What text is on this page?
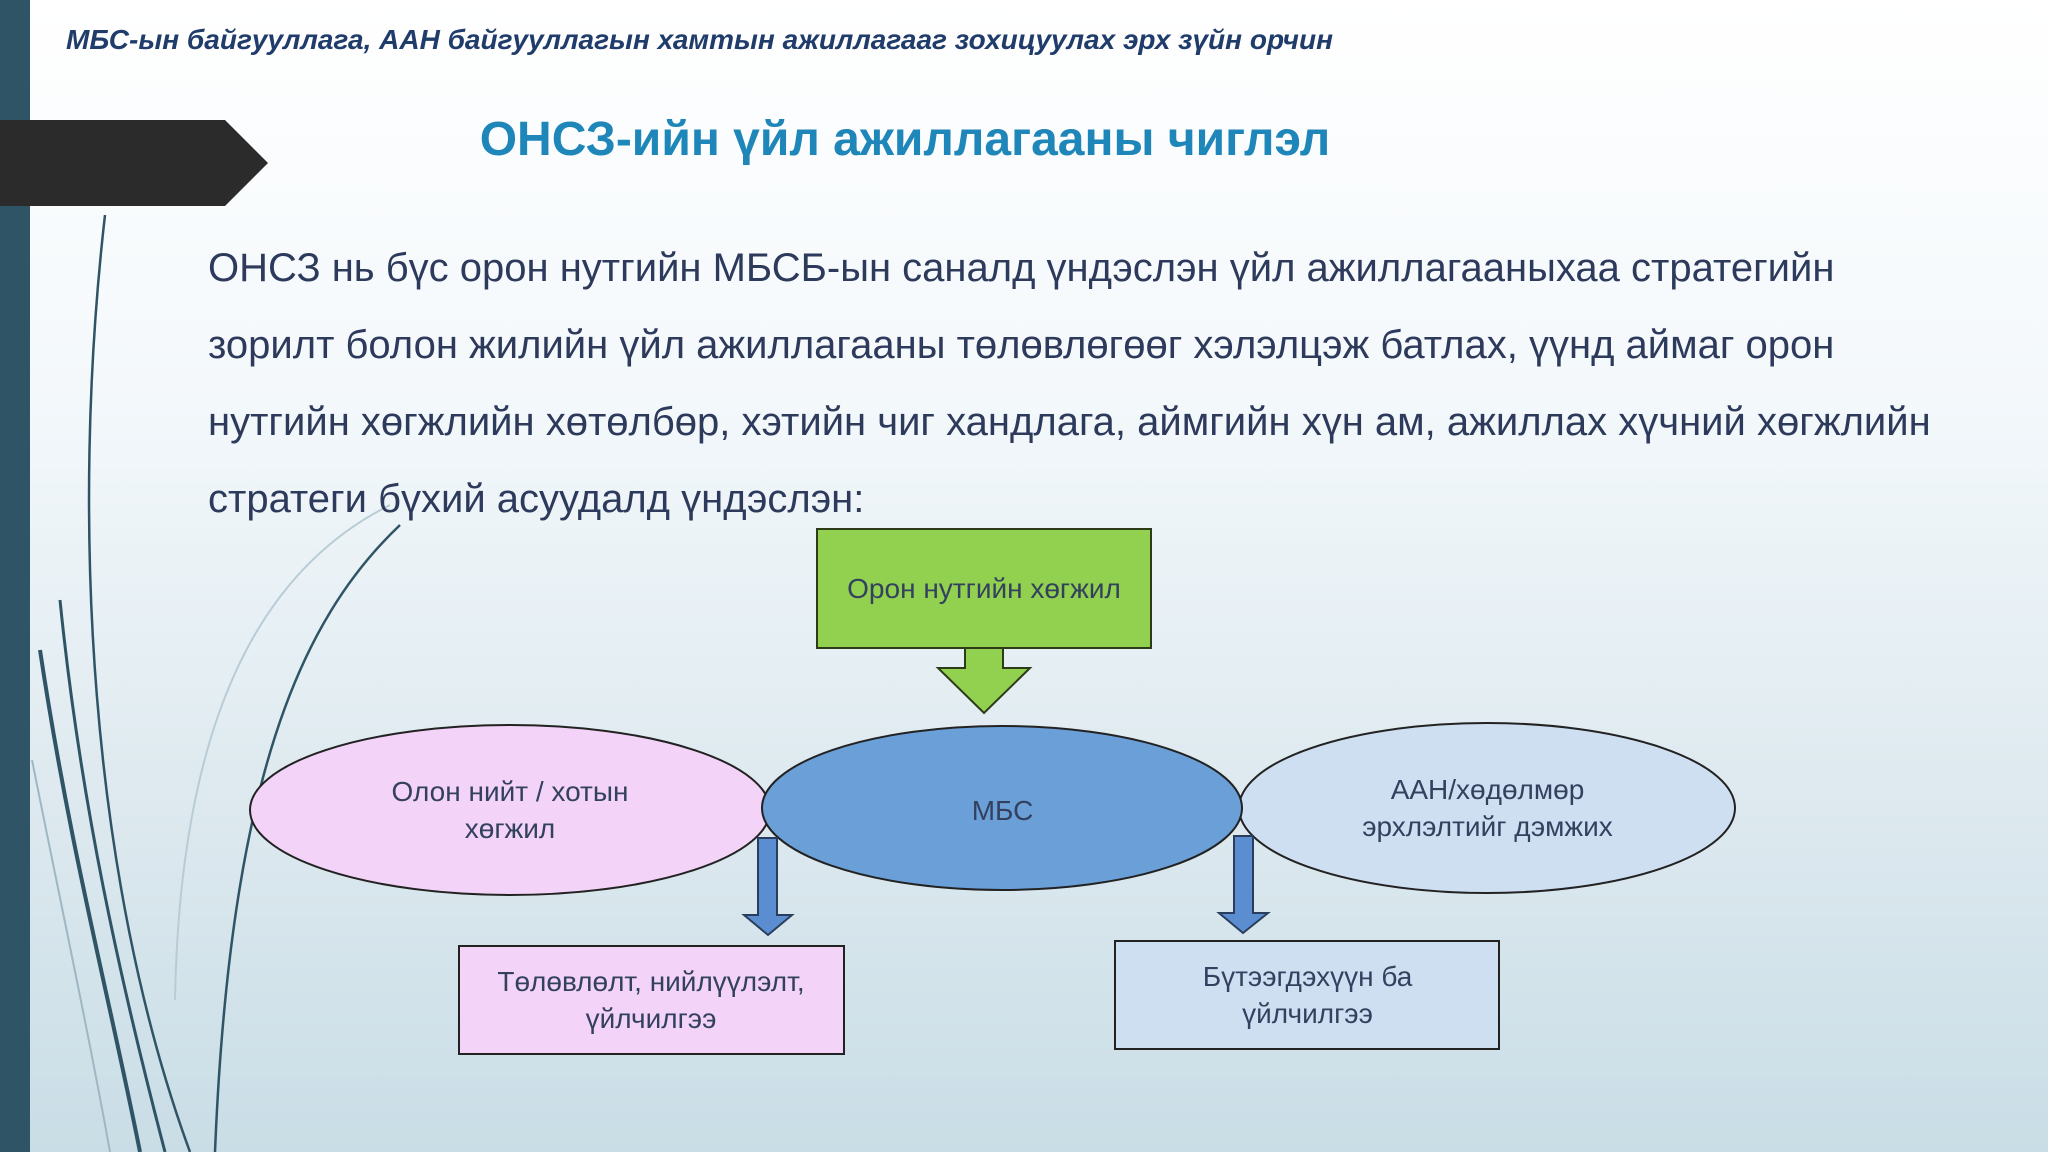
МБС-ын байгууллага, ААН байгууллагын хамтын ажиллагааг зохицуулах эрх зүйн орчин
ОНСЗ-ийн үйл ажиллагааны чиглэл
ОНСЗ нь бүс орон нутгийн МБСБ-ын саналд үндэслэн үйл ажиллагааныхаа стратегийн зорилт болон жилийн үйл ажиллагааны төлөвлөгөөг хэлэлцэж батлах, үүнд аймаг орон нутгийн хөгжлийн хөтөлбөр, хэтийн чиг хандлага, аймгийн хүн ам, ажиллах хүчний хөгжлийн стратеги бүхий асуудалд үндэслэн:
Орон нутгийн хөгжил
Олон нийт / хотын хөгжил
МБС
ААН/хөдөлмөр эрхлэлтийг дэмжих
Төлөвлөлт, нийлүүлэлт, үйлчилгээ
Бүтээгдэхүүн ба үйлчилгээ
